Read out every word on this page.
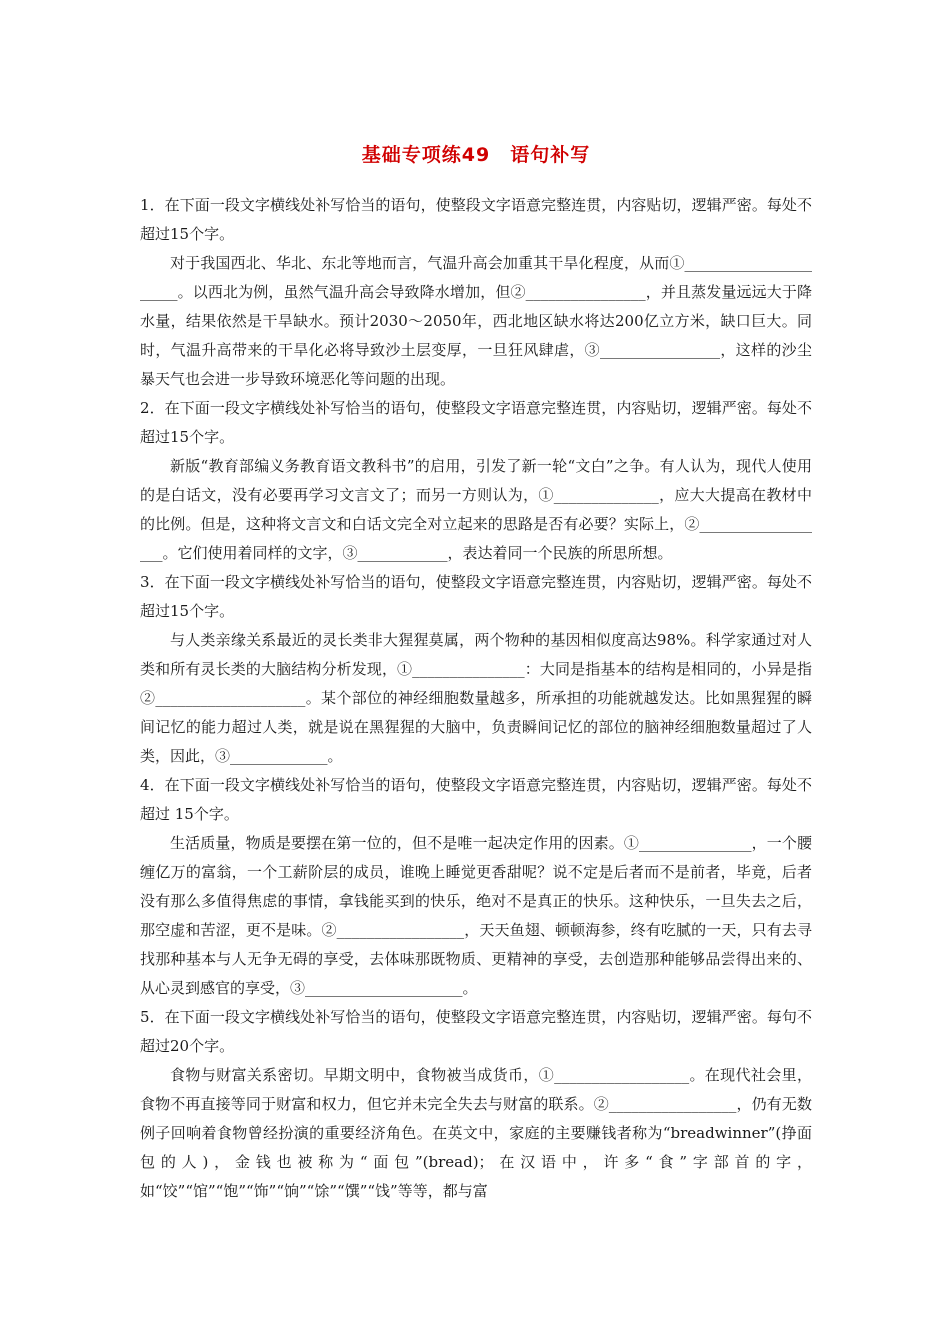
基础专项练49　语句补写

1．在下面一段文字横线处补写恰当的语句，使整段文字语意完整连贯，内容贴切，逻辑严密。每处不超过15个字。

对于我国西北、华北、东北等地而言，气温升高会加重其干旱化程度，从而①______________________。以西北为例，虽然气温升高会导致降水增加，但②________________，并且蒸发量远远大于降水量，结果依然是干旱缺水。预计2030～2050年，西北地区缺水将达200亿立方米，缺口巨大。同时，气温升高带来的干旱化必将导致沙土层变厚，一旦狂风肆虐，③________________，这样的沙尘暴天气也会进一步导致环境恶化等问题的出现。

2．在下面一段文字横线处补写恰当的语句，使整段文字语意完整连贯，内容贴切，逻辑严密。每处不超过15个字。

新版“教育部编义务教育语文教科书”的启用，引发了新一轮“文白”之争。有人认为，现代人使用的是白话文，没有必要再学习文言文了；而另一方则认为，①______________，应大大提高在教材中的比例。但是，这种将文言文和白话文完全对立起来的思路是否有必要？实际上，②__________________。它们使用着同样的文字，③____________，表达着同一个民族的所思所想。

3．在下面一段文字横线处补写恰当的语句，使整段文字语意完整连贯，内容贴切，逻辑严密。每处不超过15个字。

与人类亲缘关系最近的灵长类非大猩猩莫属，两个物种的基因相似度高达98%。科学家通过对人类和所有灵长类的大脑结构分析发现，①_______________：大同是指基本的结构是相同的，小异是指②____________________。某个部位的神经细胞数量越多，所承担的功能就越发达。比如黑猩猩的瞬间记忆的能力超过人类，就是说在黑猩猩的大脑中，负责瞬间记忆的部位的脑神经细胞数量超过了人类，因此，③_____________。

4．在下面一段文字横线处补写恰当的语句，使整段文字语意完整连贯，内容贴切，逻辑严密。每处不超过 15个字。

生活质量，物质是要摆在第一位的，但不是唯一起决定作用的因素。①_______________，一个腰缠亿万的富翁，一个工薪阶层的成员，谁晚上睡觉更香甜呢？说不定是后者而不是前者，毕竟，后者没有那么多值得焦虑的事情，拿钱能买到的快乐，绝对不是真正的快乐。这种快乐，一旦失去之后，那空虚和苦涩，更不是味。②_________________，天天鱼翅、顿顿海参，终有吃腻的一天，只有去寻找那种基本与人无争无碍的享受，去体味那既物质、更精神的享受，去创造那种能够品尝得出来的、从心灵到感官的享受，③_____________________。

5．在下面一段文字横线处补写恰当的语句，使整段文字语意完整连贯，内容贴切，逻辑严密。每句不超过20个字。

食物与财富关系密切。早期文明中，食物被当成货币，①__________________。在现代社会里，食物不再直接等同于财富和权力，但它并未完全失去与财富的联系。②_________________，仍有无数例子回响着食物曾经扮演的重要经济角色。在英文中，家庭的主要赚钱者称为“breadwinner”(挣面包的人)，金钱也被称为“面包”(bread)；在汉语中，许多“食”字部首的字，如“饺”“馆”“饱”“饰”“饷”“馀”“馔”“饯”等等，都与富
